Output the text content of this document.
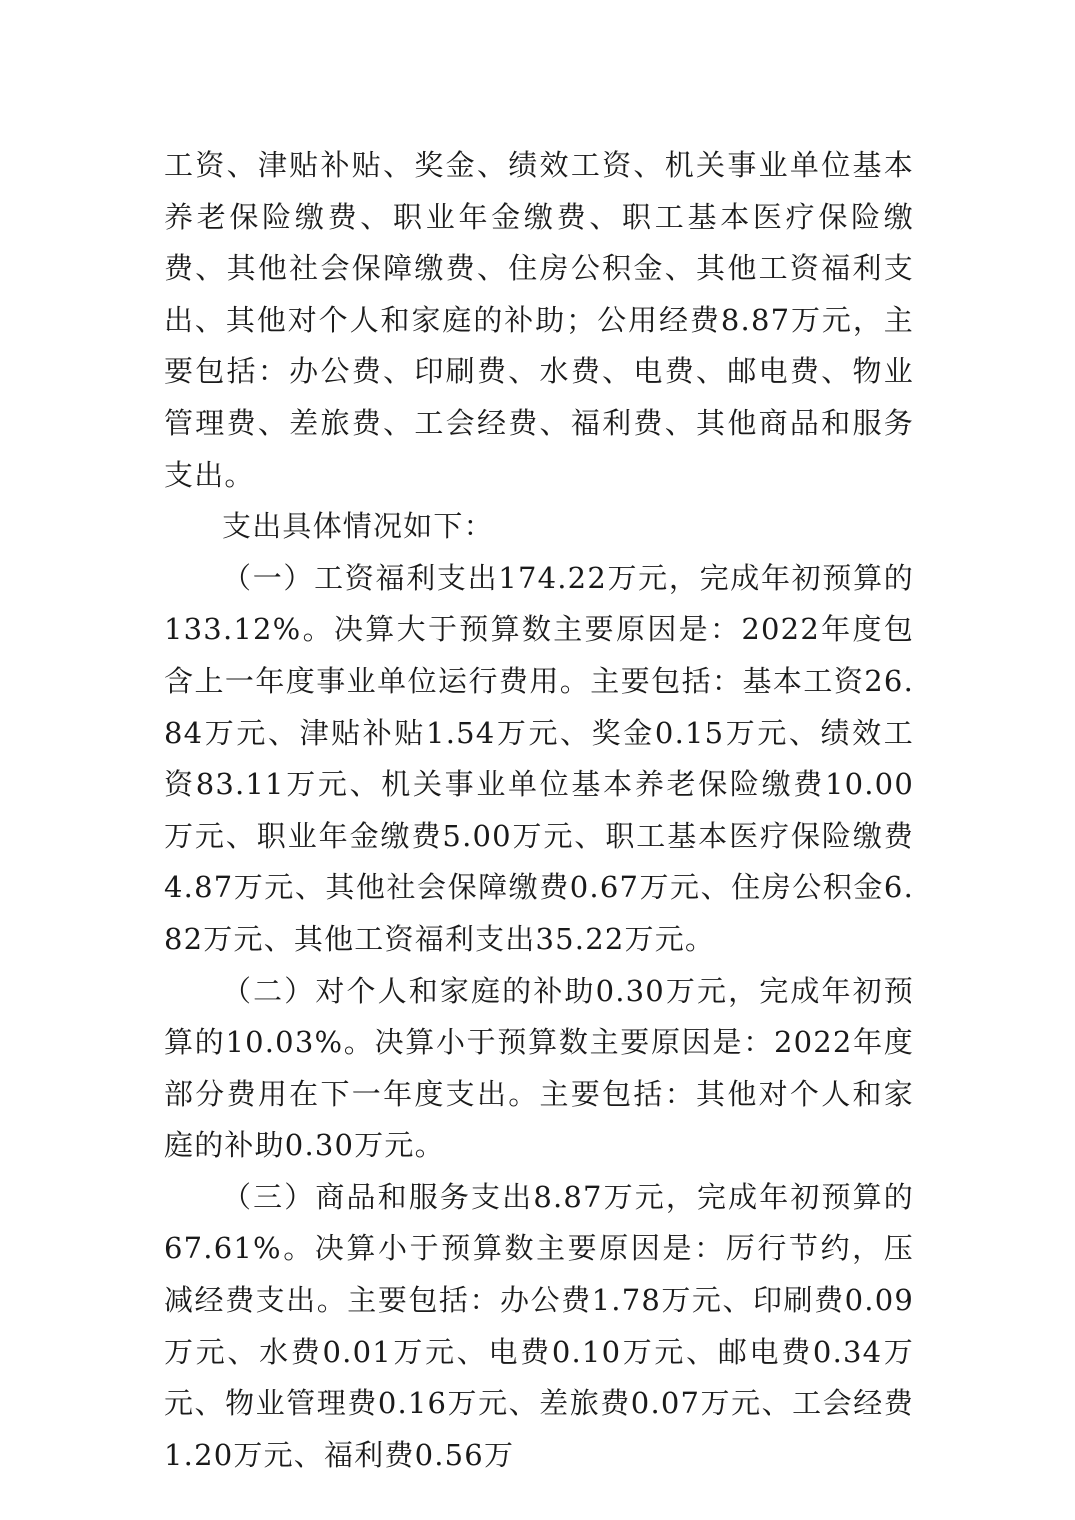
工资、津贴补贴、奖金、绩效工资、机关事业单位基本养老保险缴费、职业年金缴费、职工基本医疗保险缴费、其他社会保障缴费、住房公积金、其他工资福利支出、其他对个人和家庭的补助；公用经费8.87万元，主要包括：办公费、印刷费、水费、电费、邮电费、物业管理费、差旅费、工会经费、福利费、其他商品和服务支出。

支出具体情况如下：

（一）工资福利支出174.22万元，完成年初预算的133.12%。决算大于预算数主要原因是：2022年度包含上一年度事业单位运行费用。主要包括：基本工资26.84万元、津贴补贴1.54万元、奖金0.15万元、绩效工资83.11万元、机关事业单位基本养老保险缴费10.00万元、职业年金缴费5.00万元、职工基本医疗保险缴费4.87万元、其他社会保障缴费0.67万元、住房公积金6.82万元、其他工资福利支出35.22万元。

（二）对个人和家庭的补助0.30万元，完成年初预算的10.03%。决算小于预算数主要原因是：2022年度部分费用在下一年度支出。主要包括：其他对个人和家庭的补助0.30万元。

（三）商品和服务支出8.87万元，完成年初预算的67.61%。决算小于预算数主要原因是：厉行节约，压减经费支出。主要包括：办公费1.78万元、印刷费0.09万元、水费0.01万元、电费0.10万元、邮电费0.34万元、物业管理费0.16万元、差旅费0.07万元、工会经费1.20万元、福利费0.56万
